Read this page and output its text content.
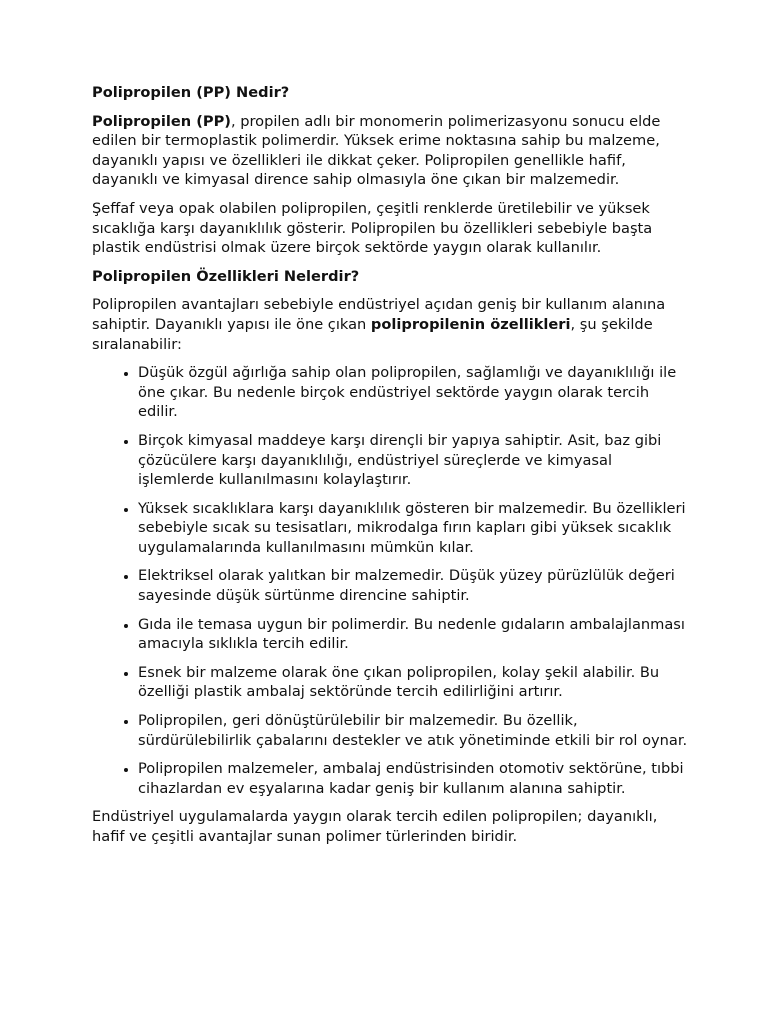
Polipropilen (PP) Nedir?

Polipropilen (PP), propilen adlı bir monomerin polimerizasyonu sonucu elde edilen bir termoplastik polimerdir. Yüksek erime noktasına sahip bu malzeme, dayanıklı yapısı ve özellikleri ile dikkat çeker. Polipropilen genellikle hafif, dayanıklı ve kimyasal dirence sahip olmasıyla öne çıkan bir malzemedir.

Şeffaf veya opak olabilen polipropilen, çeşitli renklerde üretilebilir ve yüksek sıcaklığa karşı dayanıklılık gösterir. Polipropilen bu özellikleri sebebiyle başta plastik endüstrisi olmak üzere birçok sektörde yaygın olarak kullanılır.

Polipropilen Özellikleri Nelerdir?

Polipropilen avantajları sebebiyle endüstriyel açıdan geniş bir kullanım alanına sahiptir. Dayanıklı yapısı ile öne çıkan polipropilenin özellikleri, şu şekilde sıralanabilir:

• Düşük özgül ağırlığa sahip olan polipropilen, sağlamlığı ve dayanıklılığı ile öne çıkar. Bu nedenle birçok endüstriyel sektörde yaygın olarak tercih edilir.
• Birçok kimyasal maddeye karşı dirençli bir yapıya sahiptir. Asit, baz gibi çözücülere karşı dayanıklılığı, endüstriyel süreçlerde ve kimyasal işlemlerde kullanılmasını kolaylaştırır.
• Yüksek sıcaklıklara karşı dayanıklılık gösteren bir malzemedir. Bu özellikleri sebebiyle sıcak su tesisatları, mikrodalga fırın kapları gibi yüksek sıcaklık uygulamalarında kullanılmasını mümkün kılar.
• Elektriksel olarak yalıtkan bir malzemedir. Düşük yüzey pürüzlülük değeri sayesinde düşük sürtünme direncine sahiptir.
• Gıda ile temasa uygun bir polimerdir. Bu nedenle gıdaların ambalajlanması amacıyla sıklıkla tercih edilir.
• Esnek bir malzeme olarak öne çıkan polipropilen, kolay şekil alabilir. Bu özelliği plastik ambalaj sektöründe tercih edilirliğini artırır.
• Polipropilen, geri dönüştürülebilir bir malzemedir. Bu özellik, sürdürülebilirlik çabalarını destekler ve atık yönetiminde etkili bir rol oynar.
• Polipropilen malzemeler, ambalaj endüstrisinden otomotiv sektörüne, tıbbi cihazlardan ev eşyalarına kadar geniş bir kullanım alanına sahiptir.

Endüstriyel uygulamalarda yaygın olarak tercih edilen polipropilen; dayanıklı, hafif ve çeşitli avantajlar sunan polimer türlerinden biridir.
